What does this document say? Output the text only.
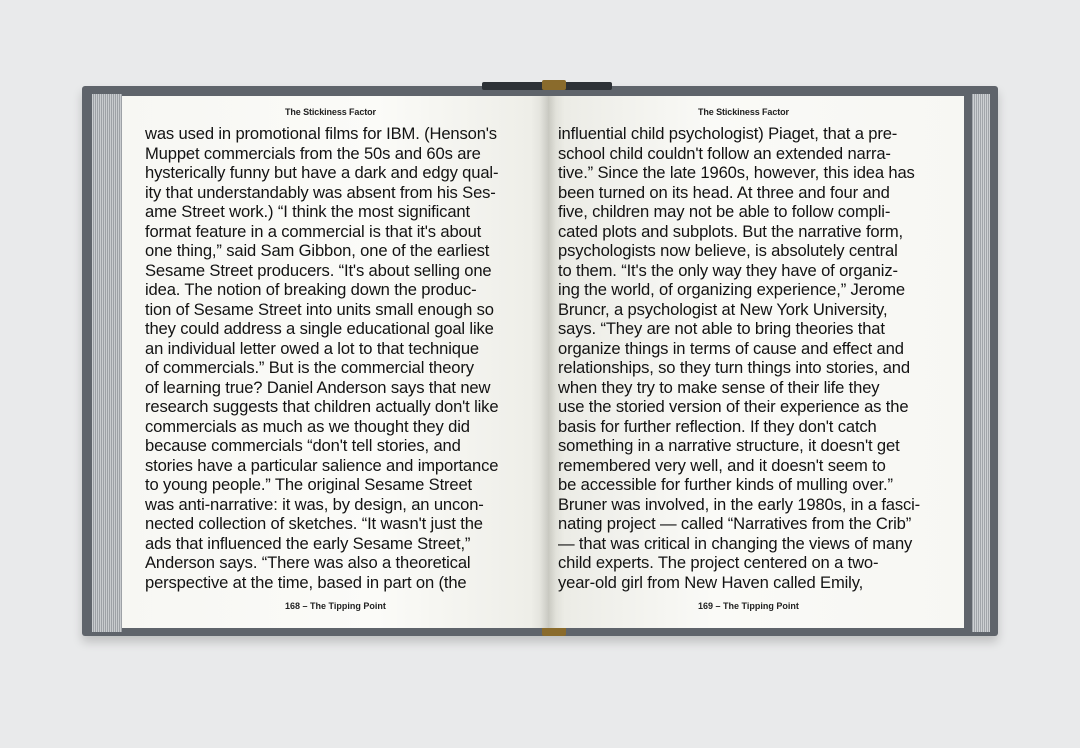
The Stickiness Factor
was used in promotional films for IBM. (Henson's
Muppet commercials from the 50s and 60s are
hysterically funny but have a dark and edgy qual-
ity that understandably was absent from his Ses-
ame Street work.) “I think the most significant
format feature in a commercial is that it's about
one thing,” said Sam Gibbon, one of the earliest
Sesame Street producers. “It's about selling one
idea. The notion of breaking down the produc-
tion of Sesame Street into units small enough so
they could address a single educational goal like
an individual letter owed a lot to that technique
of commercials.” But is the commercial theory
of learning true? Daniel Anderson says that new
research suggests that children actually don't like
commercials as much as we thought they did
because commercials “don't tell stories, and
stories have a particular salience and importance
to young people.” The original Sesame Street
was anti-narrative: it was, by design, an uncon-
nected collection of sketches. “It wasn't just the
ads that influenced the early Sesame Street,”
Anderson says. “There was also a theoretical
perspective at the time, based in part on (the
168 – The Tipping Point
The Stickiness Factor
influential child psychologist) Piaget, that a pre-
school child couldn't follow an extended narra-
tive.” Since the late 1960s, however, this idea has
been turned on its head. At three and four and
five, children may not be able to follow compli-
cated plots and subplots. But the narrative form,
psychologists now believe, is absolutely central
to them. “It's the only way they have of organiz-
ing the world, of organizing experience,” Jerome
Bruncr, a psychologist at New York University,
says. “They are not able to bring theories that
organize things in terms of cause and effect and
relationships, so they turn things into stories, and
when they try to make sense of their life they
use the storied version of their experience as the
basis for further reflection. If they don't catch
something in a narrative structure, it doesn't get
remembered very well, and it doesn't seem to
be accessible for further kinds of mulling over.”
Bruner was involved, in the early 1980s, in a fasci-
nating project — called “Narratives from the Crib”
— that was critical in changing the views of many
child experts. The project centered on a two-
year-old girl from New Haven called Emily,
169 – The Tipping Point
